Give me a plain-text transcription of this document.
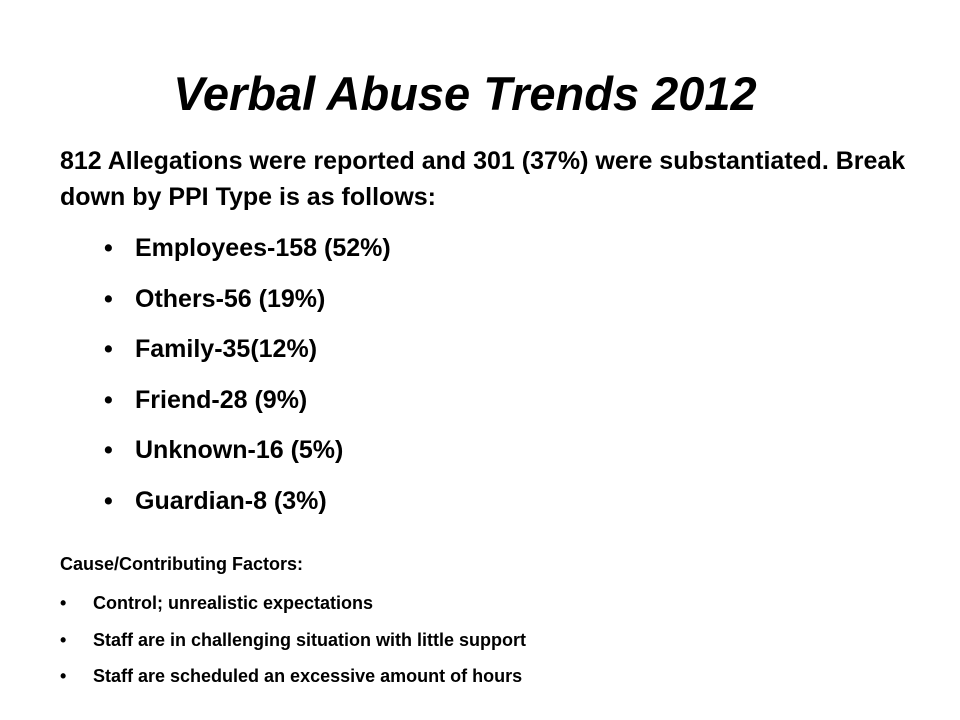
Verbal Abuse Trends 2012
812 Allegations were reported and 301 (37%) were substantiated. Break down by PPI Type is as follows:
• Employees-158 (52%)
• Others-56 (19%)
• Family-35(12%)
• Friend-28 (9%)
• Unknown-16 (5%)
• Guardian-8 (3%)
Cause/Contributing Factors:
• Control; unrealistic expectations
• Staff are in challenging situation with little support
• Staff are scheduled an excessive amount of hours
